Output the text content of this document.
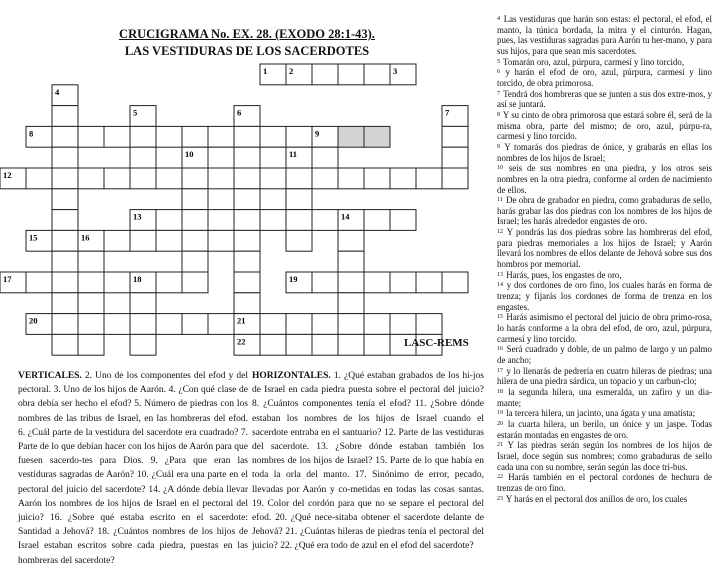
CRUCIGRAMA No. EX. 28. (EXODO 28:1-43).
LAS VESTIDURAS DE LOS SACERDOTES
1	2	3
4
5	6	7
8	9
10	11
12
13	14
15	16
17	18	19
20	21
22	LASC-REMS
VERTICALES. 2. Uno de los componentes del efod y del pectoral. 3. Uno de los hijos de Aarón. 4. ¿Con qué clase de obra debía ser hecho el efod? 5. Número de piedras con los nombres de las tribus de Israel, en las hombreras del efod. 6. ¿Cuál parte de la vestidura del sacerdote era cuadrado? 7. Parte de lo que debían hacer con los hijos de Aarón para que fuesen sacerdo-tes para Dios. 9. ¿Para que eran las vestiduras sagradas de Aarón? 10. ¿Cuál era una parte en el pectoral del juicio del sacerdote? 14. ¿A dónde debía llevar Aarón los nombres de los hijos de Israel en el pectoral del juicio? 16. ¿Sobre qué estaba escrito en el sacerdote: Santidad a Jehová? 18. ¿Cuántos nombres de los hijos de Israel estaban escritos sobre cada piedra, puestas en las hombreras del sacerdote?
HORIZONTALES. 1. ¿Qué estaban grabados de los hi-jos de Israel en cada piedra puesta sobre el pectoral del juicio? 8. ¿Cuántos componentes tenía el efod? 11. ¿Sobre dónde estaban los nombres de los hijos de Israel cuando el sacerdote entraba en el santuario? 12. Parte de las vestiduras del sacerdote. 13. ¿Sobre dónde estaban también los nombres de los hijos de Israel? 15. Parte de lo que había en toda la orla del manto. 17. Sinónimo de error, pecado, llevadas por Aarón y co-metidas en todas las cosas santas. 19. Color del cordón para que no se separe el pectoral del efod. 20. ¿Qué nece-sitaba obtener el sacerdote delante de Jehová? 21. ¿Cuántas hileras de piedras tenía el pectoral del juicio? 22. ¿Qué era todo de azul en el efod del sacerdote?
$^4$ Las vestiduras que harán son estas: el pectoral, el efod, el manto, la túnica bordada, la mitra y el cinturón. Hagan, pues, las vestiduras sagradas para Aarón tu her-mano, y para sus hijos, para que sean mis sacerdotes.
$^5$ Tomarán oro, azul, púrpura, carmesí y lino torcido,
$^6$ y harán el efod de oro, azul, púrpura, carmesí y lino torcido, de obra primorosa.
$^7$ Tendrá dos hombreras que se junten a sus dos extre-mos, y así se juntará.
$^8$ Y su cinto de obra primorosa que estará sobre él, será de la misma obra, parte del mismo; de oro, azul, púrpu-ra, carmesí y lino torcido.
$^9$ Y tomarás dos piedras de ónice, y grabarás en ellas los nombres de los hijos de Israel;
$^{10}$ seis de sus nombres en una piedra, y los otros seis nombres en la otra piedra, conforme al orden de nacimiento de ellos.
$^{11}$ De obra de grabador en piedra, como grabaduras de sello, harás grabar las dos piedras con los nombres de los hijos de Israel; les harás alrededor engastes de oro.
$^{12}$ Y pondrás las dos piedras sobre las hombreras del efod, para piedras memoriales a los hijos de Israel; y Aarón llevará los nombres de ellos delante de Jehová sobre sus dos hombros por memorial.
$^{13}$ Harás, pues, los engastes de oro,
$^{14}$ y dos cordones de oro fino, los cuales harás en forma de trenza; y fijarás los cordones de forma de trenza en los engastes.
$^{15}$ Harás asimismo el pectoral del juicio de obra primo-rosa, lo harás conforme a la obra del efod, de oro, azul, púrpura, carmesí y lino torcido.
$^{16}$ Será cuadrado y doble, de un palmo de largo y un palmo de ancho;
$^{17}$ y lo llenarás de pedrería en cuatro hileras de piedras; una hilera de una piedra sárdica, un topacio y un carbun-clo;
$^{18}$ la segunda hilera, una esmeralda, un zafiro y un dia-mante;
$^{19}$ la tercera hilera, un jacinto, una ágata y una amatista;
$^{20}$ la cuarta hilera, un berilo, un ónice y un jaspe. Todas estarán montadas en engastes de oro.
$^{21}$ Y las piedras serán según los nombres de los hijos de Israel, doce según sus nombres; como grabaduras de sello cada una con su nombre, serán según las doce tri-bus.
$^{22}$ Harás también en el pectoral cordones de hechura de trenzas de oro fino.
$^{23}$ Y harás en el pectoral dos anillos de oro, los cuales
